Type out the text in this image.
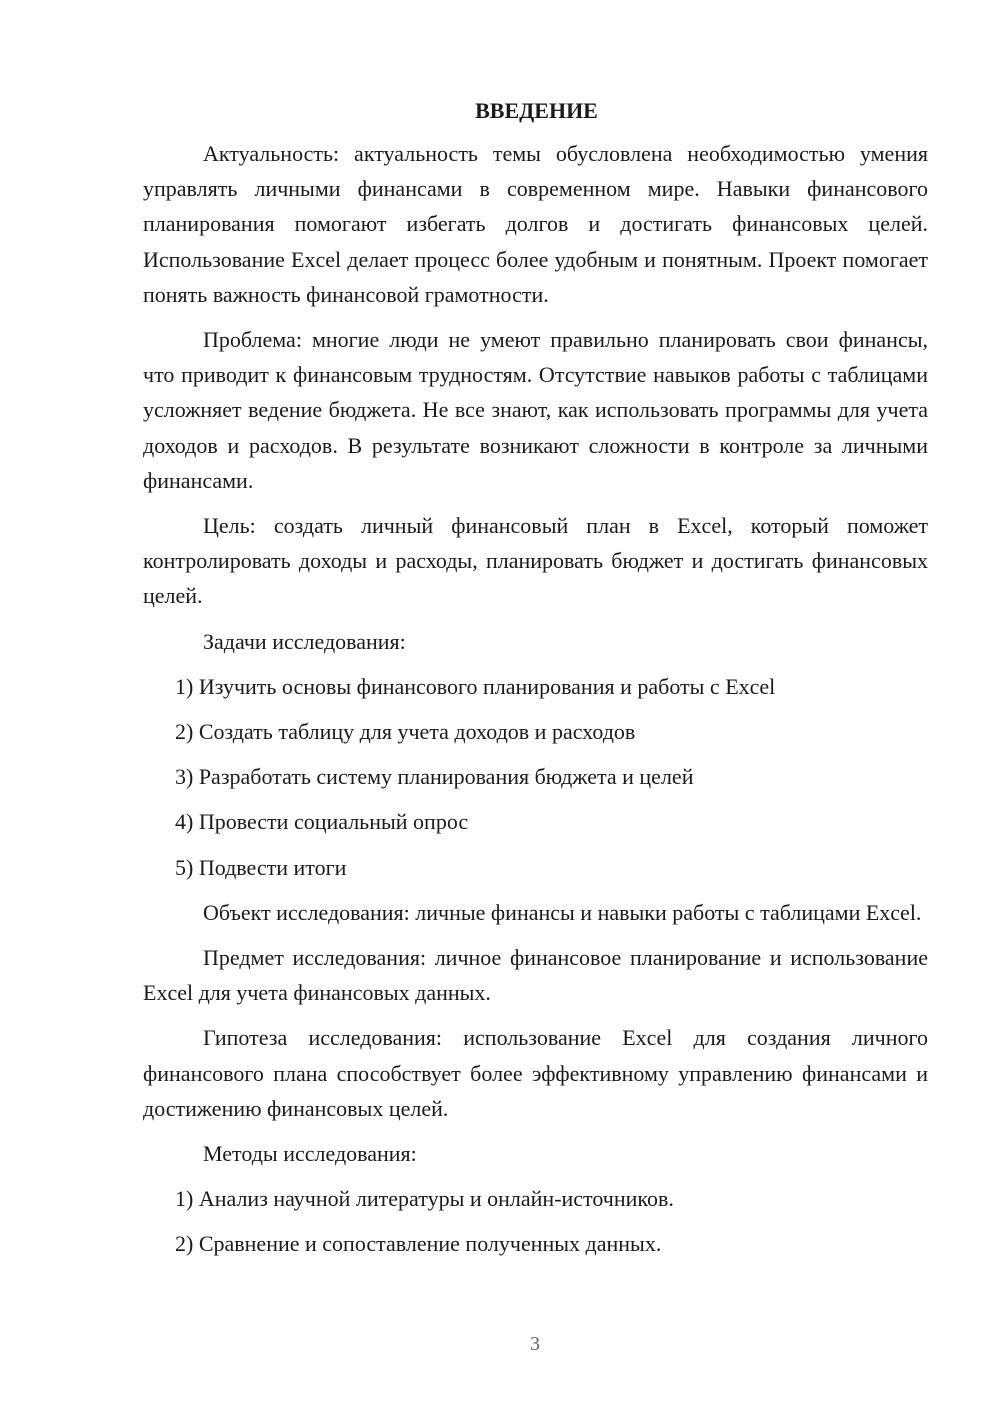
ВВЕДЕНИЕ

Актуальность: актуальность темы обусловлена необходимостью умения управлять личными финансами в современном мире. Навыки финансового планирования помогают избегать долгов и достигать финансовых целей. Использование Excel делает процесс более удобным и понятным. Проект помогает понять важность финансовой грамотности.

Проблема: многие люди не умеют правильно планировать свои финансы, что приводит к финансовым трудностям. Отсутствие навыков работы с таблицами усложняет ведение бюджета. Не все знают, как использовать программы для учета доходов и расходов. В результате возникают сложности в контроле за личными финансами.

Цель: создать личный финансовый план в Excel, который поможет контролировать доходы и расходы, планировать бюджет и достигать финансовых целей.

Задачи исследования:

1) Изучить основы финансового планирования и работы с Excel
2) Создать таблицу для учета доходов и расходов
3) Разработать систему планирования бюджета и целей
4) Провести социальный опрос
5) Подвести итоги

Объект исследования: личные финансы и навыки работы с таблицами Excel.

Предмет исследования: личное финансовое планирование и использование Excel для учета финансовых данных.

Гипотеза исследования: использование Excel для создания личного финансового плана способствует более эффективному управлению финансами и достижению финансовых целей.

Методы исследования:

1) Анализ научной литературы и онлайн-источников.
2) Сравнение и сопоставление полученных данных.
3
